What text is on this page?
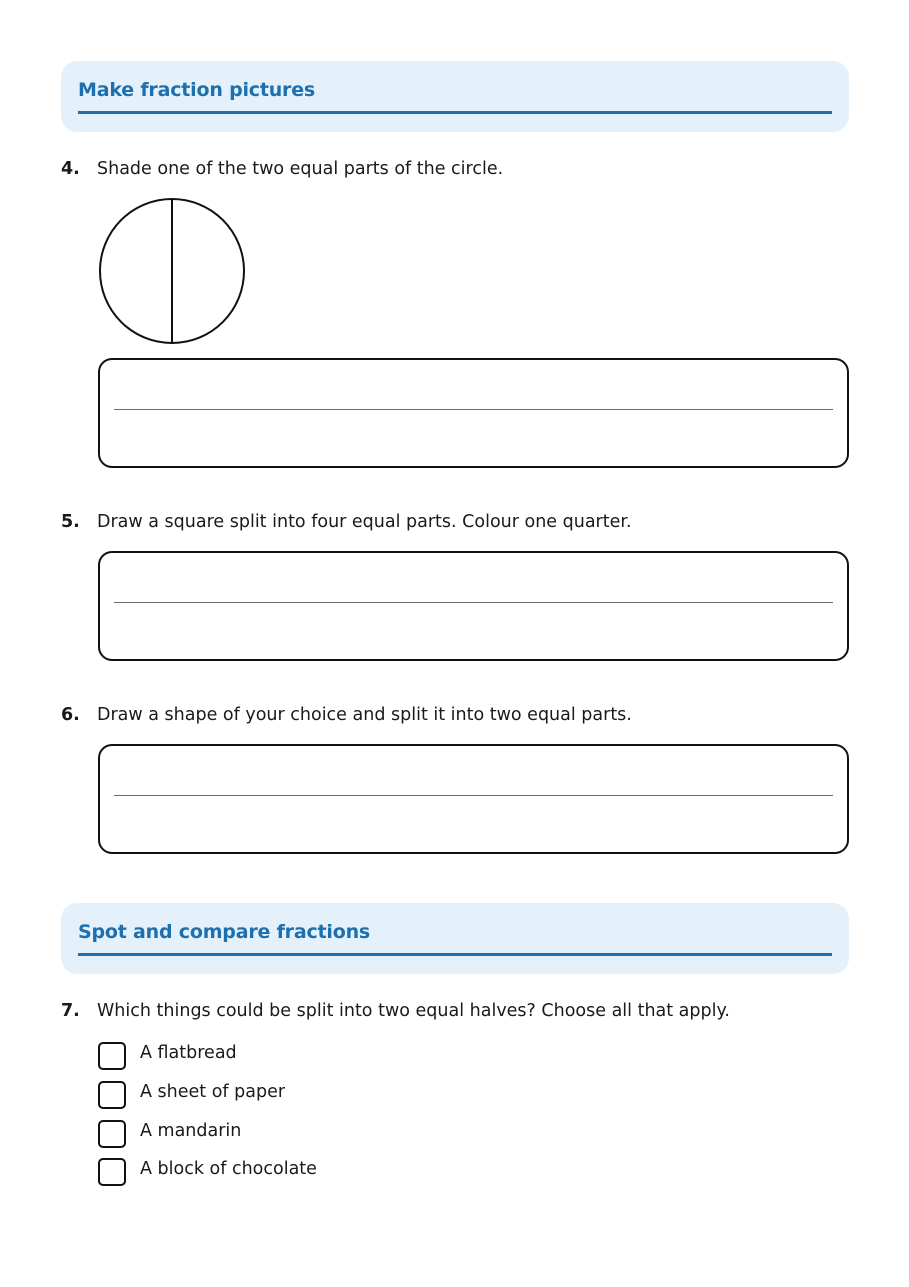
Make fraction pictures
4. Shade one of the two equal parts of the circle.
5. Draw a square split into four equal parts. Colour one quarter.
6. Draw a shape of your choice and split it into two equal parts.
Spot and compare fractions
7. Which things could be split into two equal halves? Choose all that apply.
A flatbread
A sheet of paper
A mandarin
A block of chocolate
